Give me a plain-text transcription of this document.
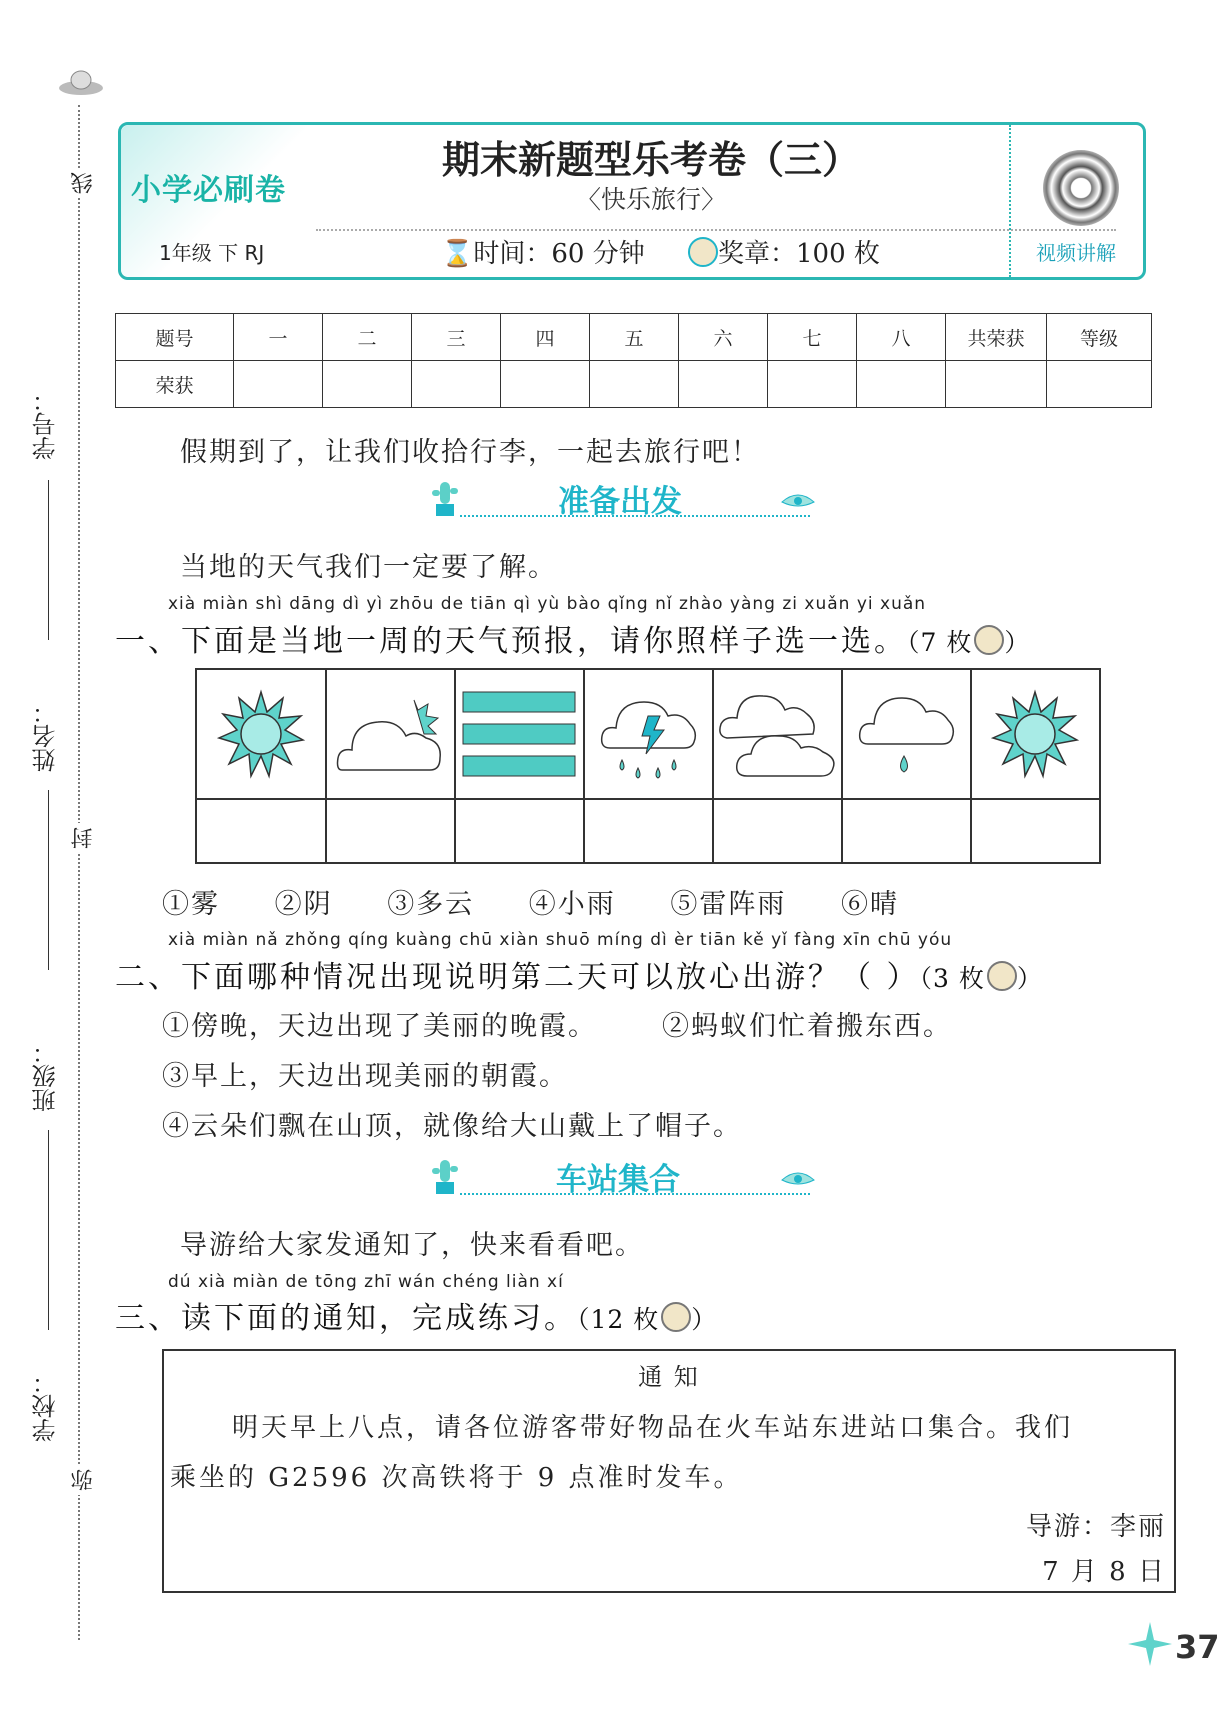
线
封
弥
学号：
姓名：
班级：
学校：
小学必刷卷
1年级 下 RJ
期末新题型乐考卷（三）
〈快乐旅行〉
⌛时间：60 分钟	奖章：100 枚	视频讲解
题号	一	二	三	四	五	六	七	八	共荣获	等级
荣获										
假期到了，让我们收拾行李，一起去旅行吧！
准备出发
当地的天气我们一定要了解。
xià miàn shì dāng dì yì zhōu de tiān qì yù bào qǐng nǐ zhào yàng zi xuǎn yi xuǎn
一、下面是当地一周的天气预报，请你照样子选一选。（7 枚 ）
①雾 ②阴 ③多云 ④小雨 ⑤雷阵雨 ⑥晴
xià miàn nǎ zhǒng qíng kuàng chū xiàn shuō míng dì èr tiān kě yǐ fàng xīn chū yóu
二、下面哪种情况出现说明第二天可以放心出游？（ ）（3 枚 ）
①傍晚，天边出现了美丽的晚霞。 ②蚂蚁们忙着搬东西。
③早上，天边出现美丽的朝霞。
④云朵们飘在山顶，就像给大山戴上了帽子。
车站集合
导游给大家发通知了，快来看看吧。
dú xià miàn de tōng zhī wán chéng liàn xí
三、读下面的通知，完成练习。（12 枚 ）
通 知
明天早上八点，请各位游客带好物品在火车站东进站口集合。我们
乘坐的 G2596 次高铁将于 9 点准时发车。
导游：李丽
7 月 8 日
37
